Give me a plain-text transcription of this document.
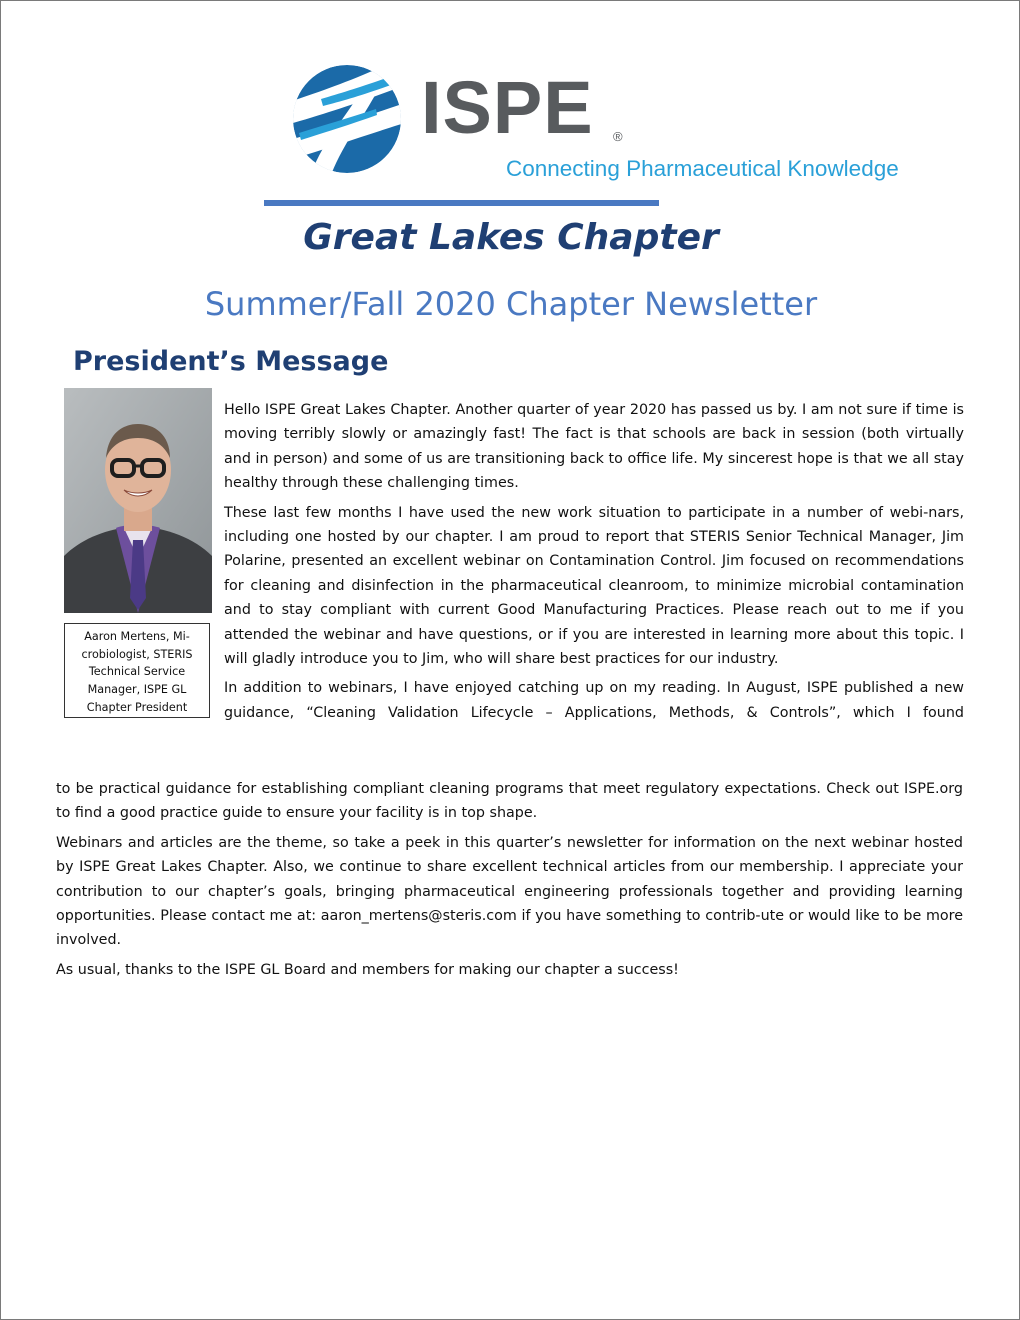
ISPE ®
Connecting Pharmaceutical Knowledge
Great Lakes Chapter
Summer/Fall 2020 Chapter Newsletter
President’s Message
Aaron Mertens, Mi-
crobiologist, STERIS
Technical Service
Manager, ISPE GL
Chapter President

Hello ISPE Great Lakes Chapter. Another quarter of year 2020 has passed us by. I am not sure if time is moving terribly slowly or amazingly fast! The fact is that schools are back in session (both virtually and in person) and some of us are transitioning back to office life. My sincerest hope is that we all stay healthy through these challenging times.

These last few months I have used the new work situation to participate in a number of webi-nars, including one hosted by our chapter. I am proud to report that STERIS Senior Technical Manager, Jim Polarine, presented an excellent webinar on Contamination Control. Jim focused on recommendations for cleaning and disinfection in the pharmaceutical cleanroom, to minimize microbial contamination and to stay compliant with current Good Manufacturing Practices. Please reach out to me if you attended the webinar and have questions, or if you are interested in learning more about this topic. I will gladly introduce you to Jim, who will share best practices for our industry.

In addition to webinars, I have enjoyed catching up on my reading. In August, ISPE published a new guidance, “Cleaning Validation Lifecycle – Applications, Methods, & Controls”, which I found

to be practical guidance for establishing compliant cleaning programs that meet regulatory expectations. Check out ISPE.org to find a good practice guide to ensure your facility is in top shape.

Webinars and articles are the theme, so take a peek in this quarter’s newsletter for information on the next webinar hosted by ISPE Great Lakes Chapter. Also, we continue to share excellent technical articles from our membership. I appreciate your contribution to our chapter’s goals, bringing pharmaceutical engineering professionals together and providing learning opportunities. Please contact me at: aaron_mertens@steris.com if you have something to contrib-ute or would like to be more involved.

As usual, thanks to the ISPE GL Board and members for making our chapter a success!
